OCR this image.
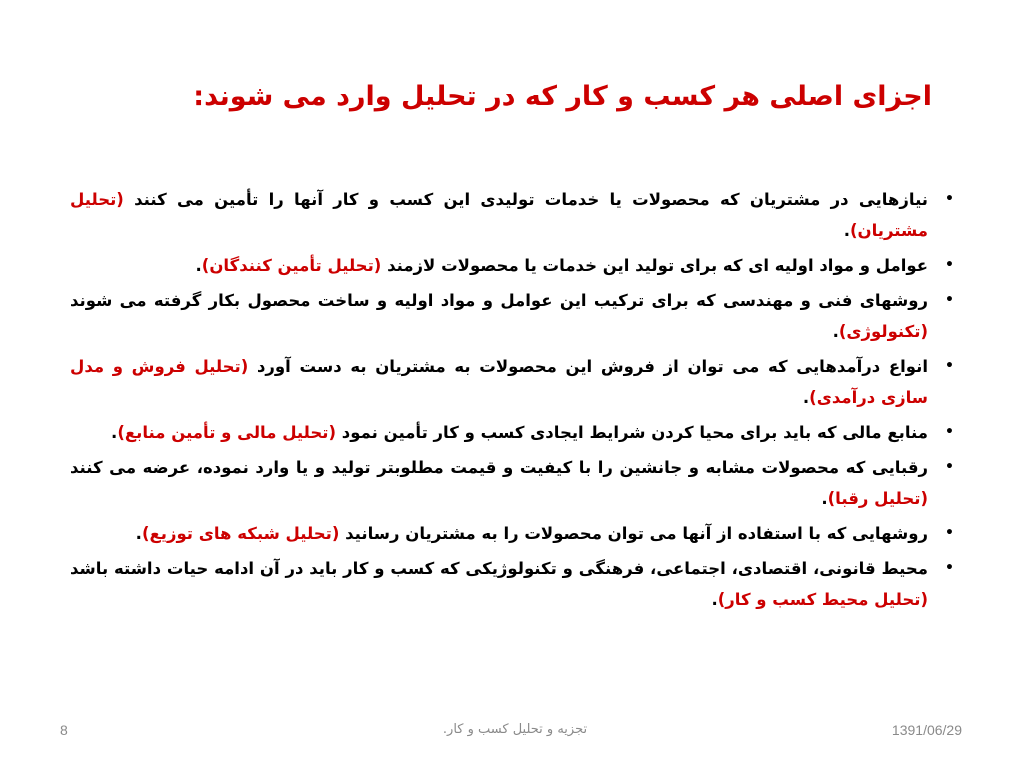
اجزای اصلی هر کسب و کار که در تحلیل وارد می شوند:
•
نیازهایی در مشتریان که محصولات یا خدمات تولیدی این کسب و کار آنها را تأمین می کنند (تحلیل مشتریان).
•
عوامل و مواد اولیه ای که برای تولید این خدمات یا محصولات لازمند (تحلیل تأمین کنندگان).
•
روشهای فنی و مهندسی که برای ترکیب این عوامل و مواد اولیه و ساخت محصول بکار گرفته می شوند (تکنولوژی).
•
انواع درآمدهایی که می توان از فروش این محصولات به مشتریان به دست آورد (تحلیل فروش و مدل سازی درآمدی).
•
منابع مالی که باید برای محیا کردن شرایط ایجادی کسب و کار تأمین نمود (تحلیل مالی و تأمین منابع).
•
رقبایی که محصولات مشابه و جانشین را با کیفیت و قیمت مطلوبتر تولید و یا وارد نموده، عرضه می کنند (تحلیل رقبا).
•
روشهایی که با استفاده از آنها می توان محصولات را به مشتریان رسانید (تحلیل شبکه های توزیع).
•
محیط قانونی، اقتصادی، اجتماعی، فرهنگی و تکنولوژیکی که کسب و کار باید در آن ادامه حیات داشته باشد (تحلیل محیط کسب و کار).
1391/06/29
تجزیه و تحلیل کسب و کار.
8
